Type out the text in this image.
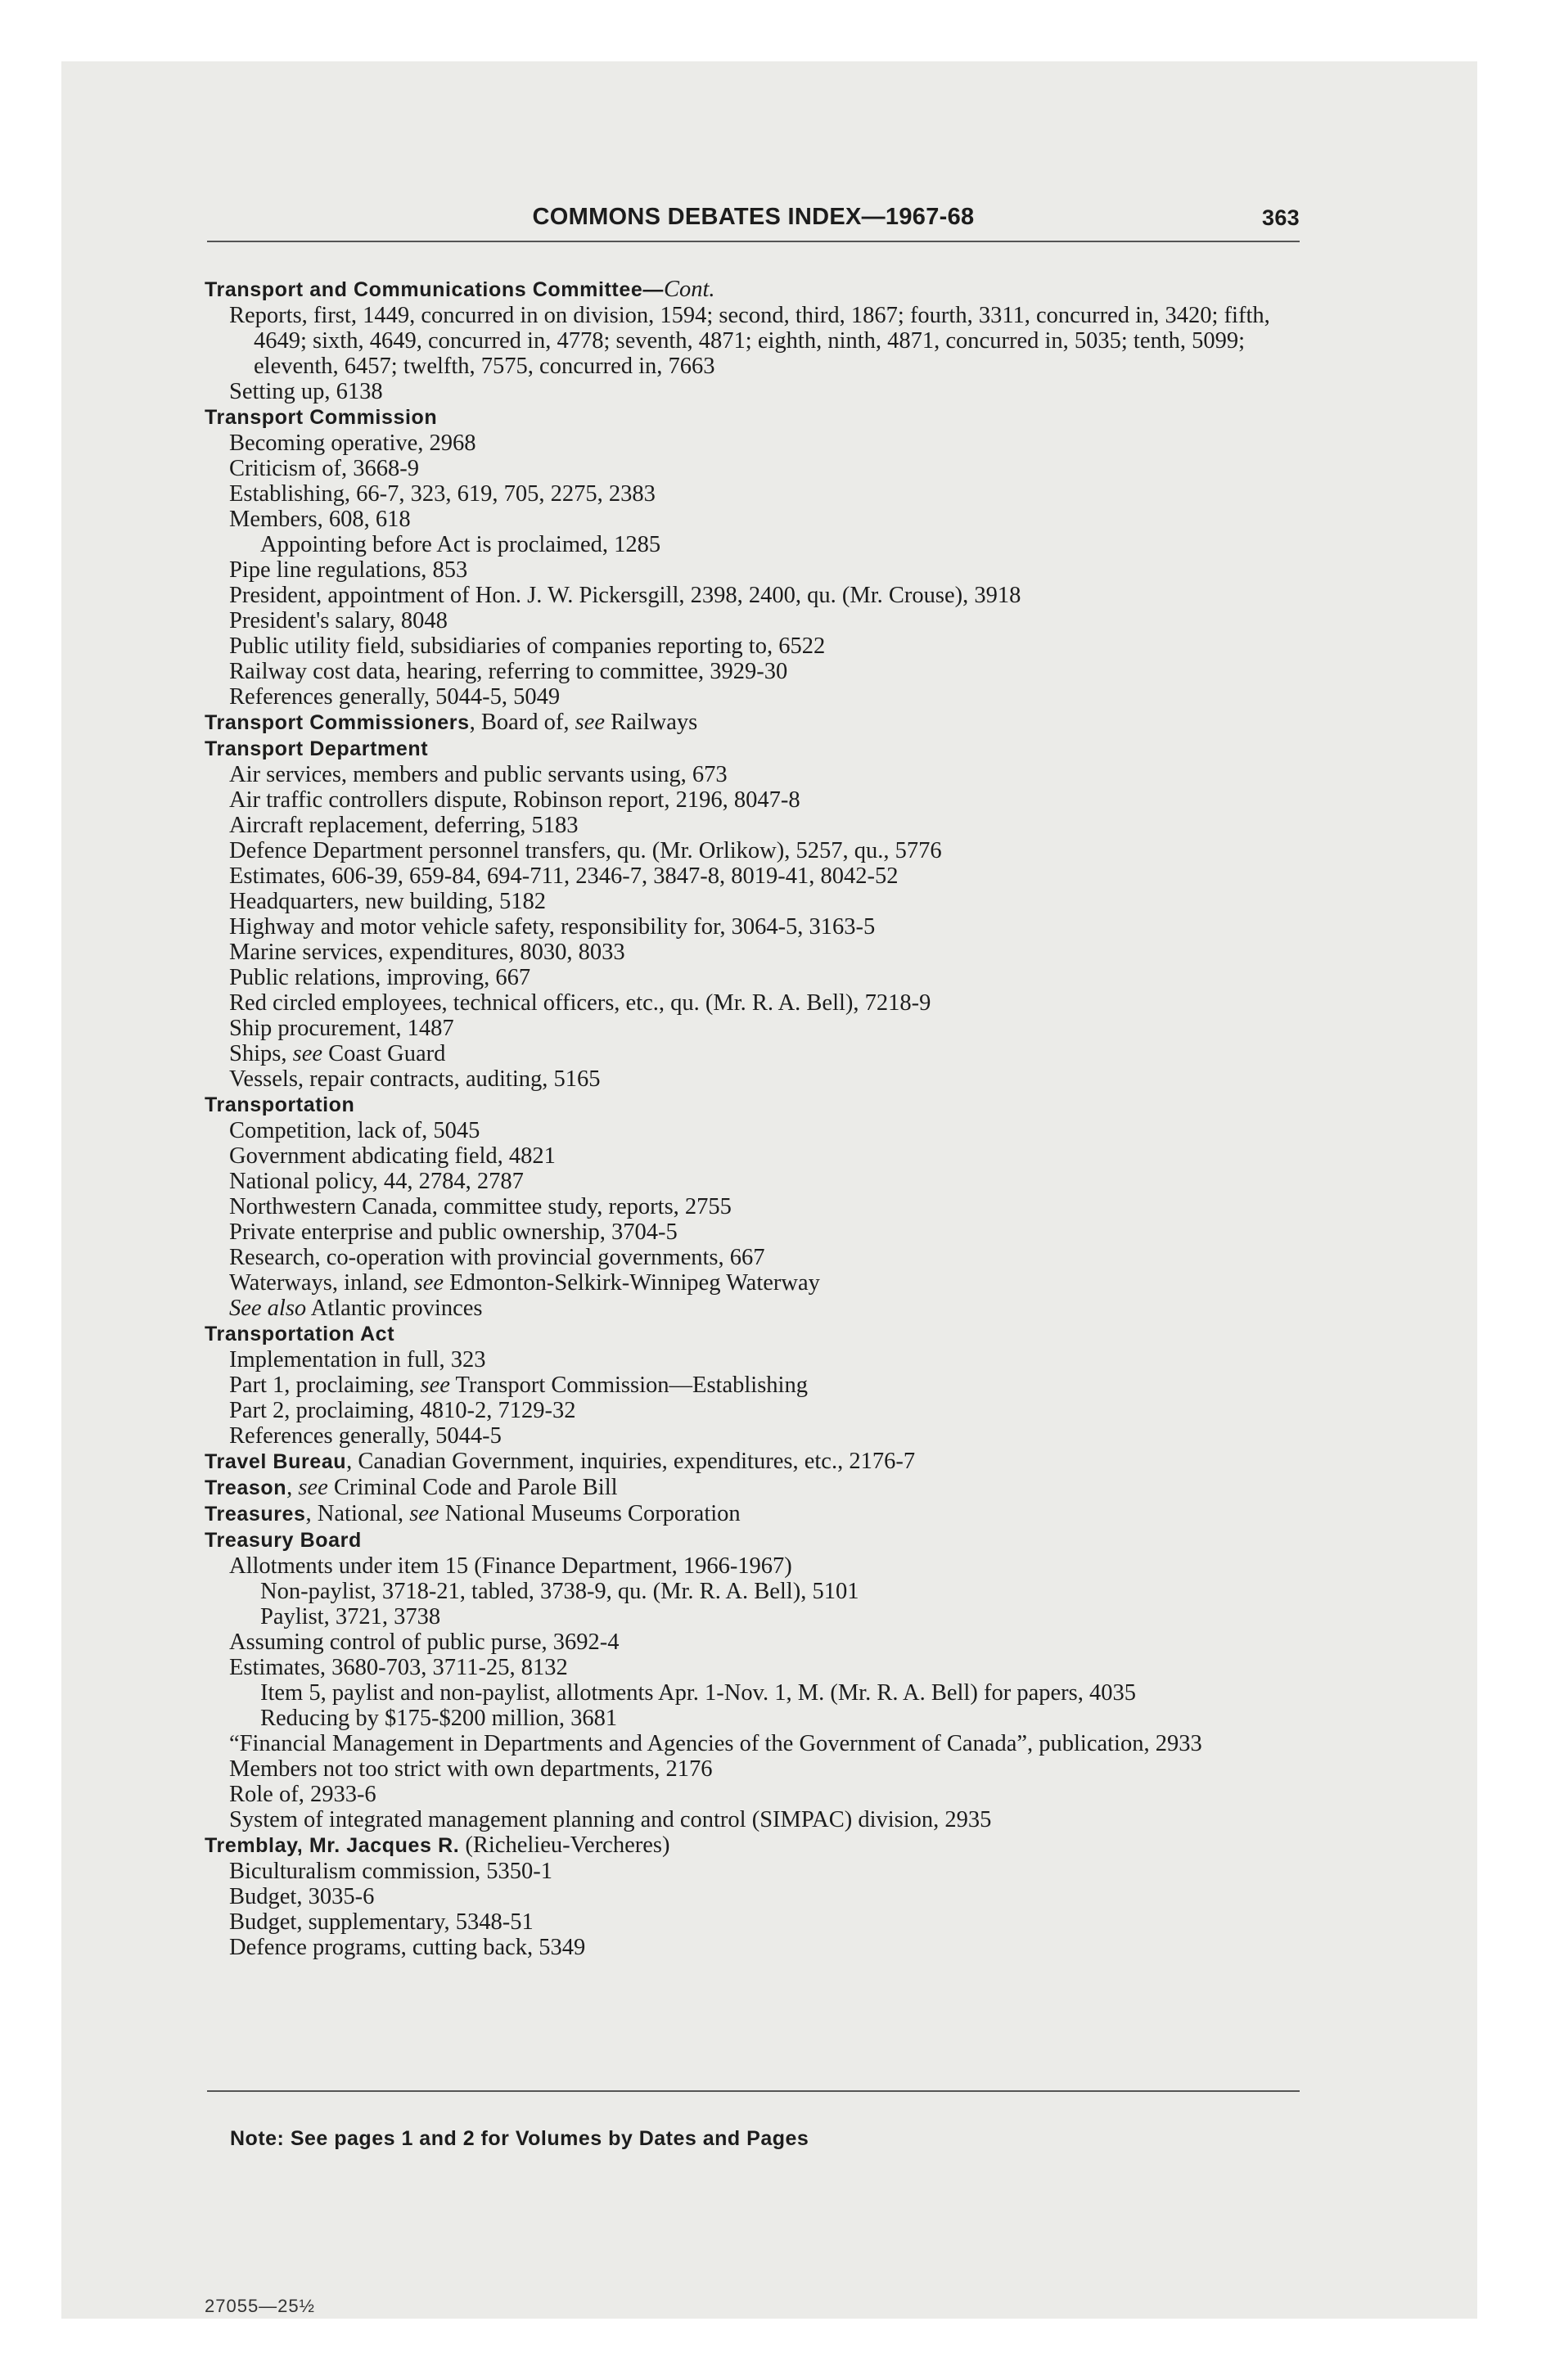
COMMONS DEBATES INDEX—1967-68	363
Transport and Communications Committee—Cont.
Reports, first, 1449, concurred in on division, 1594; second, third, 1867; fourth, 3311, concurred in, 3420; fifth, 4649; sixth, 4649, concurred in, 4778; seventh, 4871; eighth, ninth, 4871, concurred in, 5035; tenth, 5099; eleventh, 6457; twelfth, 7575, concurred in, 7663
Setting up, 6138
Transport Commission
Becoming operative, 2968
Criticism of, 3668-9
Establishing, 66-7, 323, 619, 705, 2275, 2383
Members, 608, 618
Appointing before Act is proclaimed, 1285
Pipe line regulations, 853
President, appointment of Hon. J. W. Pickersgill, 2398, 2400, qu. (Mr. Crouse), 3918
President's salary, 8048
Public utility field, subsidiaries of companies reporting to, 6522
Railway cost data, hearing, referring to committee, 3929-30
References generally, 5044-5, 5049
Transport Commissioners, Board of, see Railways
Transport Department
Air services, members and public servants using, 673
Air traffic controllers dispute, Robinson report, 2196, 8047-8
Aircraft replacement, deferring, 5183
Defence Department personnel transfers, qu. (Mr. Orlikow), 5257, qu., 5776
Estimates, 606-39, 659-84, 694-711, 2346-7, 3847-8, 8019-41, 8042-52
Headquarters, new building, 5182
Highway and motor vehicle safety, responsibility for, 3064-5, 3163-5
Marine services, expenditures, 8030, 8033
Public relations, improving, 667
Red circled employees, technical officers, etc., qu. (Mr. R. A. Bell), 7218-9
Ship procurement, 1487
Ships, see Coast Guard
Vessels, repair contracts, auditing, 5165
Transportation
Competition, lack of, 5045
Government abdicating field, 4821
National policy, 44, 2784, 2787
Northwestern Canada, committee study, reports, 2755
Private enterprise and public ownership, 3704-5
Research, co-operation with provincial governments, 667
Waterways, inland, see Edmonton-Selkirk-Winnipeg Waterway
See also Atlantic provinces
Transportation Act
Implementation in full, 323
Part 1, proclaiming, see Transport Commission—Establishing
Part 2, proclaiming, 4810-2, 7129-32
References generally, 5044-5
Travel Bureau, Canadian Government, inquiries, expenditures, etc., 2176-7
Treason, see Criminal Code and Parole Bill
Treasures, National, see National Museums Corporation
Treasury Board
Allotments under item 15 (Finance Department, 1966-1967)
Non-paylist, 3718-21, tabled, 3738-9, qu. (Mr. R. A. Bell), 5101
Paylist, 3721, 3738
Assuming control of public purse, 3692-4
Estimates, 3680-703, 3711-25, 8132
Item 5, paylist and non-paylist, allotments Apr. 1-Nov. 1, M. (Mr. R. A. Bell) for papers, 4035
Reducing by $175-$200 million, 3681
“Financial Management in Departments and Agencies of the Government of Canada”, publication, 2933
Members not too strict with own departments, 2176
Role of, 2933-6
System of integrated management planning and control (SIMPAC) division, 2935
Tremblay, Mr. Jacques R. (Richelieu-Vercheres)
Biculturalism commission, 5350-1
Budget, 3035-6
Budget, supplementary, 5348-51
Defence programs, cutting back, 5349
Note: See pages 1 and 2 for Volumes by Dates and Pages
27055—25½
